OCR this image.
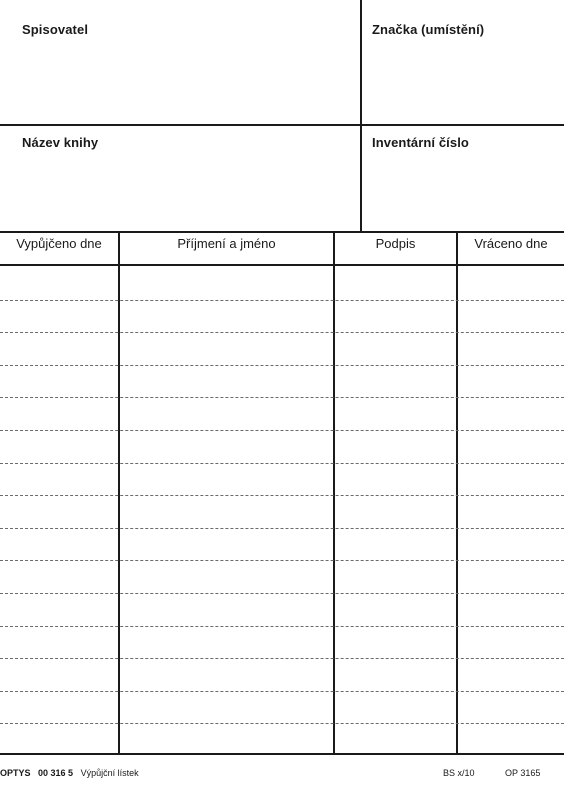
Spisovatel	Značka (umístění)
Název knihy	Inventární číslo
Vypůjčeno dne	Příjmení a jméno	Podpis	Vráceno dne
OPTYS 00 316 5 Výpůjční lístek	BS x/10	OP 3165
